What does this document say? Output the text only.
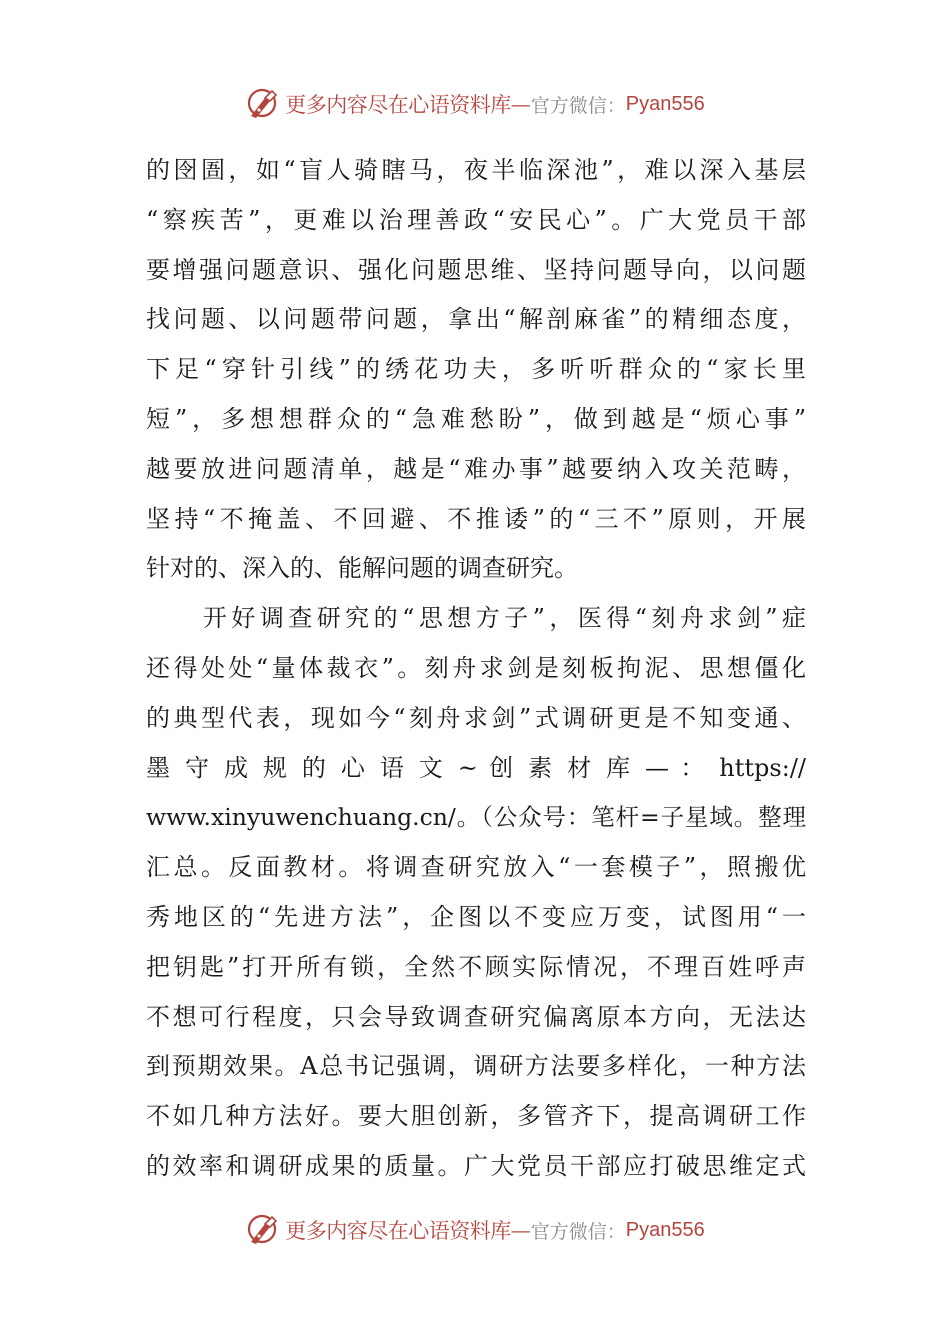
更多内容尽在心语资料库 — 官方微信： Pyan556
的囹圄，如“盲人骑瞎马，夜半临深池”，难以深入基层
“察疾苦”，更难以治理善政“安民心”。广大党员干部
要增强问题意识、强化问题思维、坚持问题导向，以问题
找问题、以问题带问题，拿出“解剖麻雀”的精细态度，
下足“穿针引线”的绣花功夫，多听听群众的“家长里
短”，多想想群众的“急难愁盼”，做到越是“烦心事”
越要放进问题清单，越是“难办事”越要纳入攻关范畴，
坚持“不掩盖、不回避、不推诿”的“三不”原则，开展
针对的、深入的、能解问题的调查研究。
　　开好调查研究的“思想方子”，医得“刻舟求剑”症
还得处处“量体裁衣”。刻舟求剑是刻板拘泥、思想僵化
的典型代表，现如今“刻舟求剑”式调研更是不知变通、
墨 守 成 规 的 心 语 文 ~ 创 素 材 库 — ： https://
www.xinyuwenchuang.cn/。（公众号：笔杆=子星域。整理
汇总。反面教材。将调查研究放入“一套模子”，照搬优
秀地区的“先进方法”，企图以不变应万变，试图用“一
把钥匙”打开所有锁，全然不顾实际情况，不理百姓呼声
不想可行程度，只会导致调查研究偏离原本方向，无法达
到预期效果。A总书记强调，调研方法要多样化，一种方法
不如几种方法好。要大胆创新，多管齐下，提高调研工作
的效率和调研成果的质量。广大党员干部应打破思维定式
更多内容尽在心语资料库 — 官方微信： Pyan556
